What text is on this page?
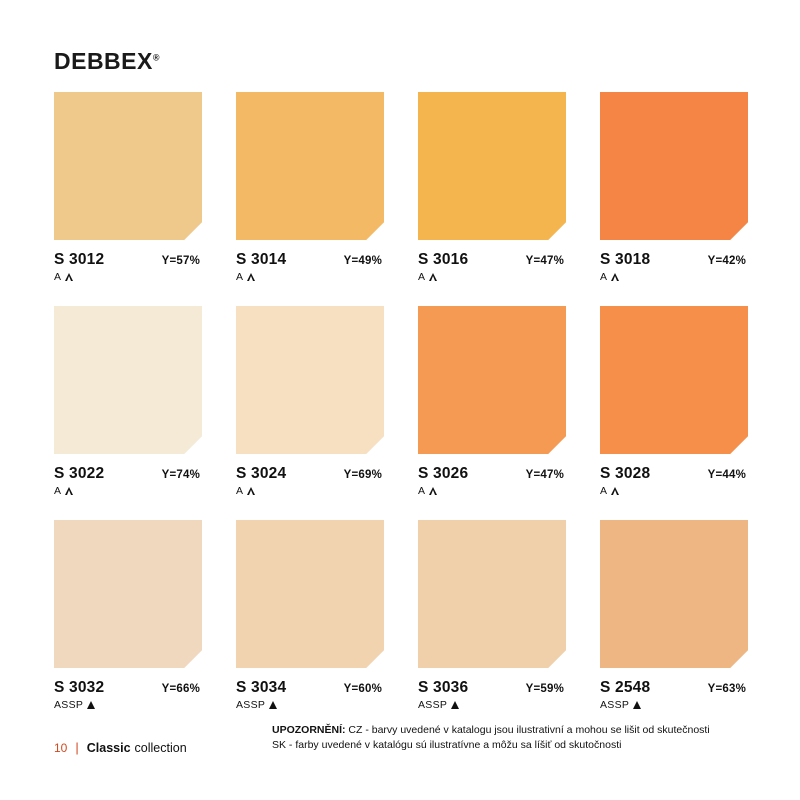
DEBBEX®
S 3012	Y=57%
A
S 3014	Y=49%
A
S 3016	Y=47%
A
S 3018	Y=42%
A
S 3022	Y=74%
A
S 3024	Y=69%
A
S 3026	Y=47%
A
S 3028	Y=44%
A
S 3032	Y=66%
ASSP
S 3034	Y=60%
ASSP
S 3036	Y=59%
ASSP
S 2548	Y=63%
ASSP
10 | Classic collection
UPOZORNĚNÍ: CZ - barvy uvedené v katalogu jsou ilustrativní a mohou se lišit od skutečnosti
SK - farby uvedené v katalógu sú ilustratívne a môžu sa líšiť od skutočnosti
